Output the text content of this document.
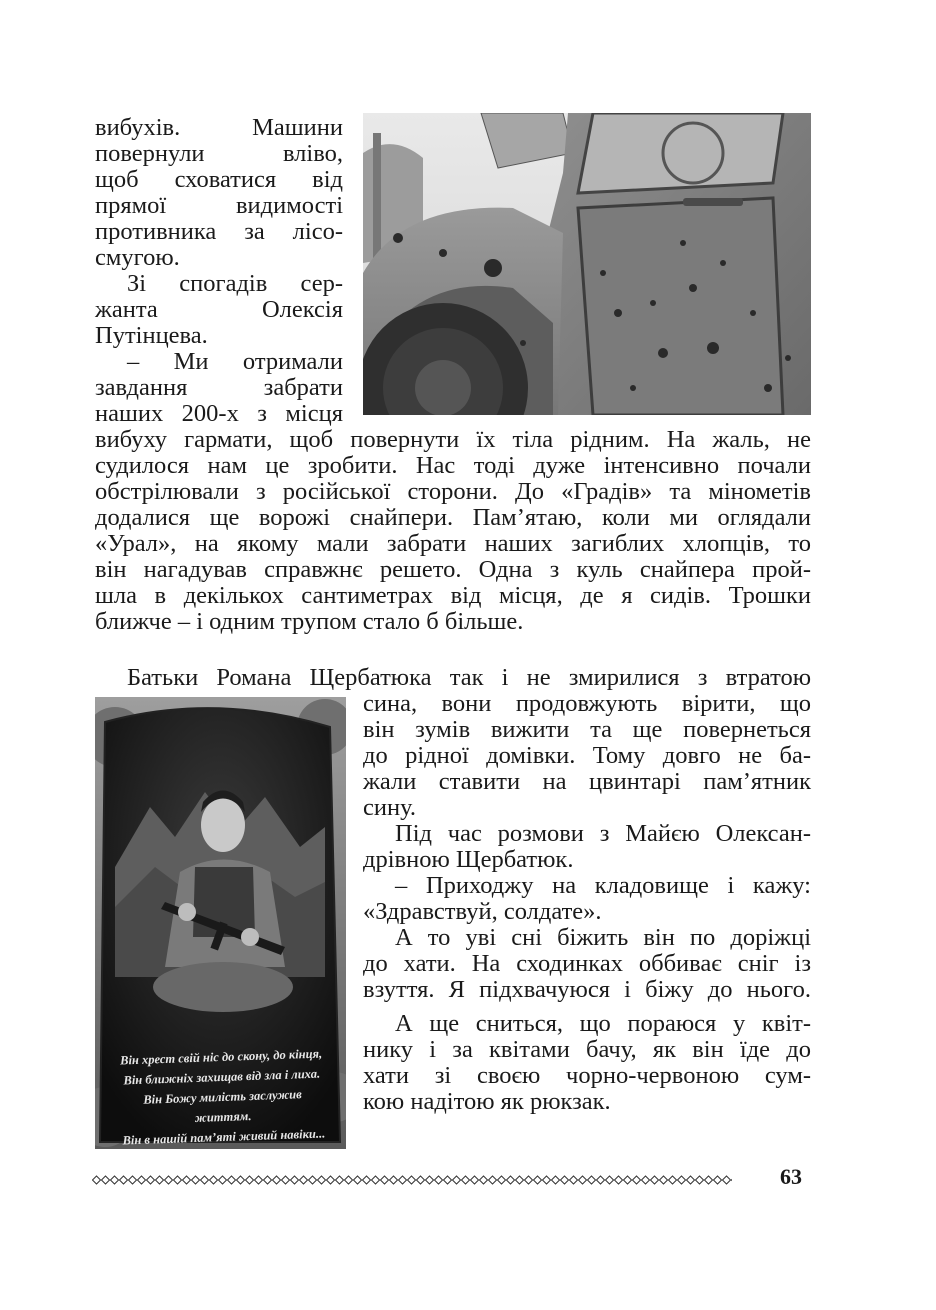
вибухів. Машини
повернули вліво,
щоб сховатися від
прямої видимості
противника за лісо-
смугою.
Зі спогадів сер-
жанта Олексія
Путінцева.
– Ми отримали
завдання забрати
наших 200-х з місця
вибуху гармати, щоб повернути їх тіла рідним. На жаль, не
судилося нам це зробити. Нас тоді дуже інтенсивно почали
обстрілювали з російської сторони. До «Градів» та мінометів
додалися ще ворожі снайпери. Пам’ятаю, коли ми оглядали
«Урал», на якому мали забрати наших загиблих хлопців, то
він нагадував справжнє решето. Одна з куль снайпера прой-
шла в декількох сантиметрах від місця, де я сидів. Трошки
ближче – і одним трупом стало б більше.
Батьки Романа Щербатюка так і не змирилися з втратою
сина, вони продовжують вірити, що
він зумів вижити та ще повернеться
до рідної домівки. Тому довго не ба-
жали ставити на цвинтарі пам’ятник
сину.
Під час розмови з Майєю Олексан-
дрівною Щербатюк.
– Приходжу на кладовище і кажу:
«Здравствуй, солдате».
А то уві сні біжить він по доріжці
до хати. На сходинках оббиває сніг із
взуття. Я підхвачуюся і біжу до нього.
А ще сниться, що пораюся у квіт-
нику і за квітами бачу, як він їде до
хати зі своєю чорно-червоною сум-
кою надітою як рюкзак.
Він хрест свій ніс до скону, до кінця,
Він ближніх захищав від зла і лиха.
Він Божу милість заслужив життям.
Він в нашій пам’яті живий навіки...
63
